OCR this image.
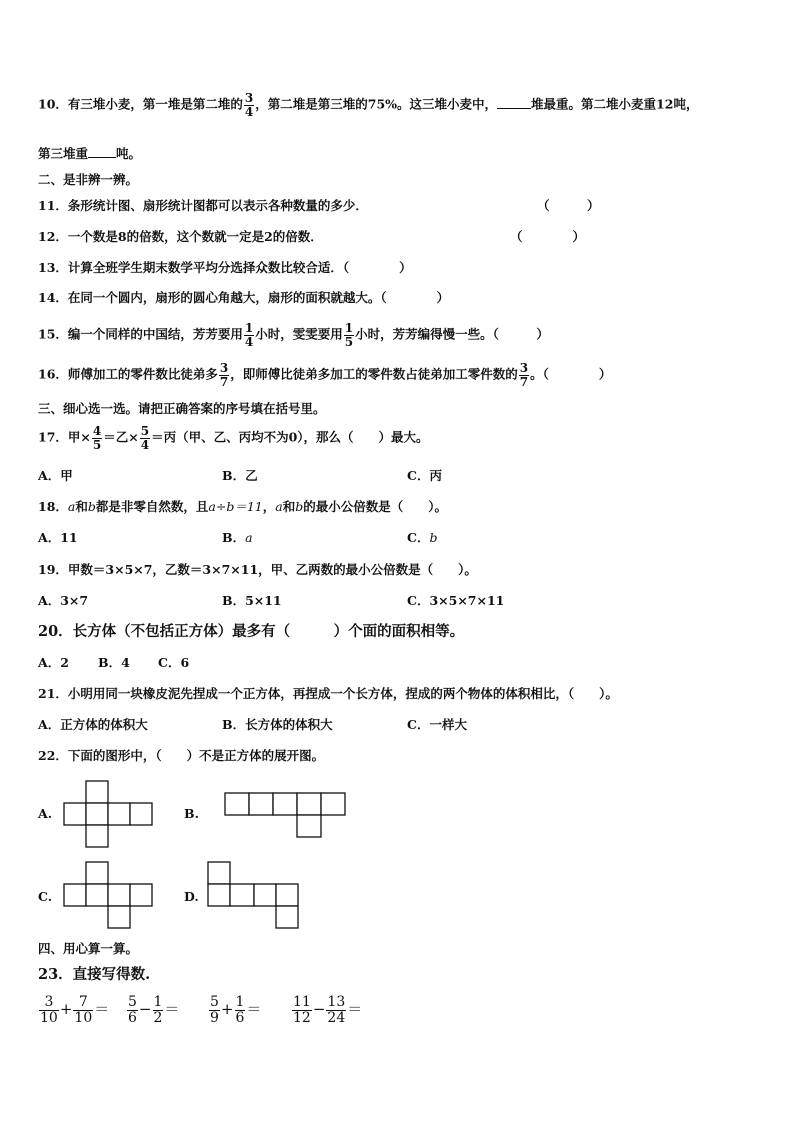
10．有三堆小麦，第一堆是第二堆的 $\frac{3}{4}$ ，第二堆是第三堆的75%。这三堆小麦中，	堆最重。第二堆小麦重12吨，
第三堆重 吨。
二、是非辨一辨。
11．条形统计图、扇形统计图都可以表示各种数量的多少．	（　　　）
12．一个数是8的倍数，这个数就一定是2的倍数．	（　　　　）
13．计算全班学生期末数学平均分选择众数比较合适．（　　　　）
14．在同一个圆内，扇形的圆心角越大，扇形的面积就越大。（　　　　）
15．编一个同样的中国结，芳芳要用 $\frac{1}{4}$ 小时，雯雯要用 $\frac{1}{5}$ 小时，芳芳编得慢一些。（　　　）
16．师傅加工的零件数比徒弟多 $\frac{3}{7}$ ，即师傅比徒弟多加工的零件数占徒弟加工零件数的 $\frac{3}{7}$ 。（　　　　）
三、细心选一选。请把正确答案的序号填在括号里。
17．甲× $\frac{4}{5}$ ＝乙× $\frac{5}{4}$ ＝丙（甲、乙、丙均不为0），那么（　　）最大。
A．甲	B．乙	C．丙
18．a和b都是非零自然数，且a÷b＝11，a和b的最小公倍数是（　　）。
A．11	B．a	C．b
19．甲数＝3×5×7，乙数＝3×7×11，甲、乙两数的最小公倍数是（　　）。
A．3×7	B．5×11	C．3×5×7×11
20．长方体（不包括正方体）最多有（　　　）个面的面积相等。
A．2 B．4 C．6
21．小明用同一块橡皮泥先捏成一个正方体，再捏成一个长方体，捏成的两个物体的体积相比，（　　）。
A．正方体的体积大	B．长方体的体积大	C．一样大
22．下面的图形中，（　　）不是正方体的展开图。
A.	B.
C.	D.
四、用心算一算。
23．直接写得数.
$\frac{3}{10} + \frac{7}{10} = \frac{5}{6} - \frac{1}{2} = \frac{5}{9} + \frac{1}{6} = \frac{11}{12} - \frac{13}{24}$ ＝
